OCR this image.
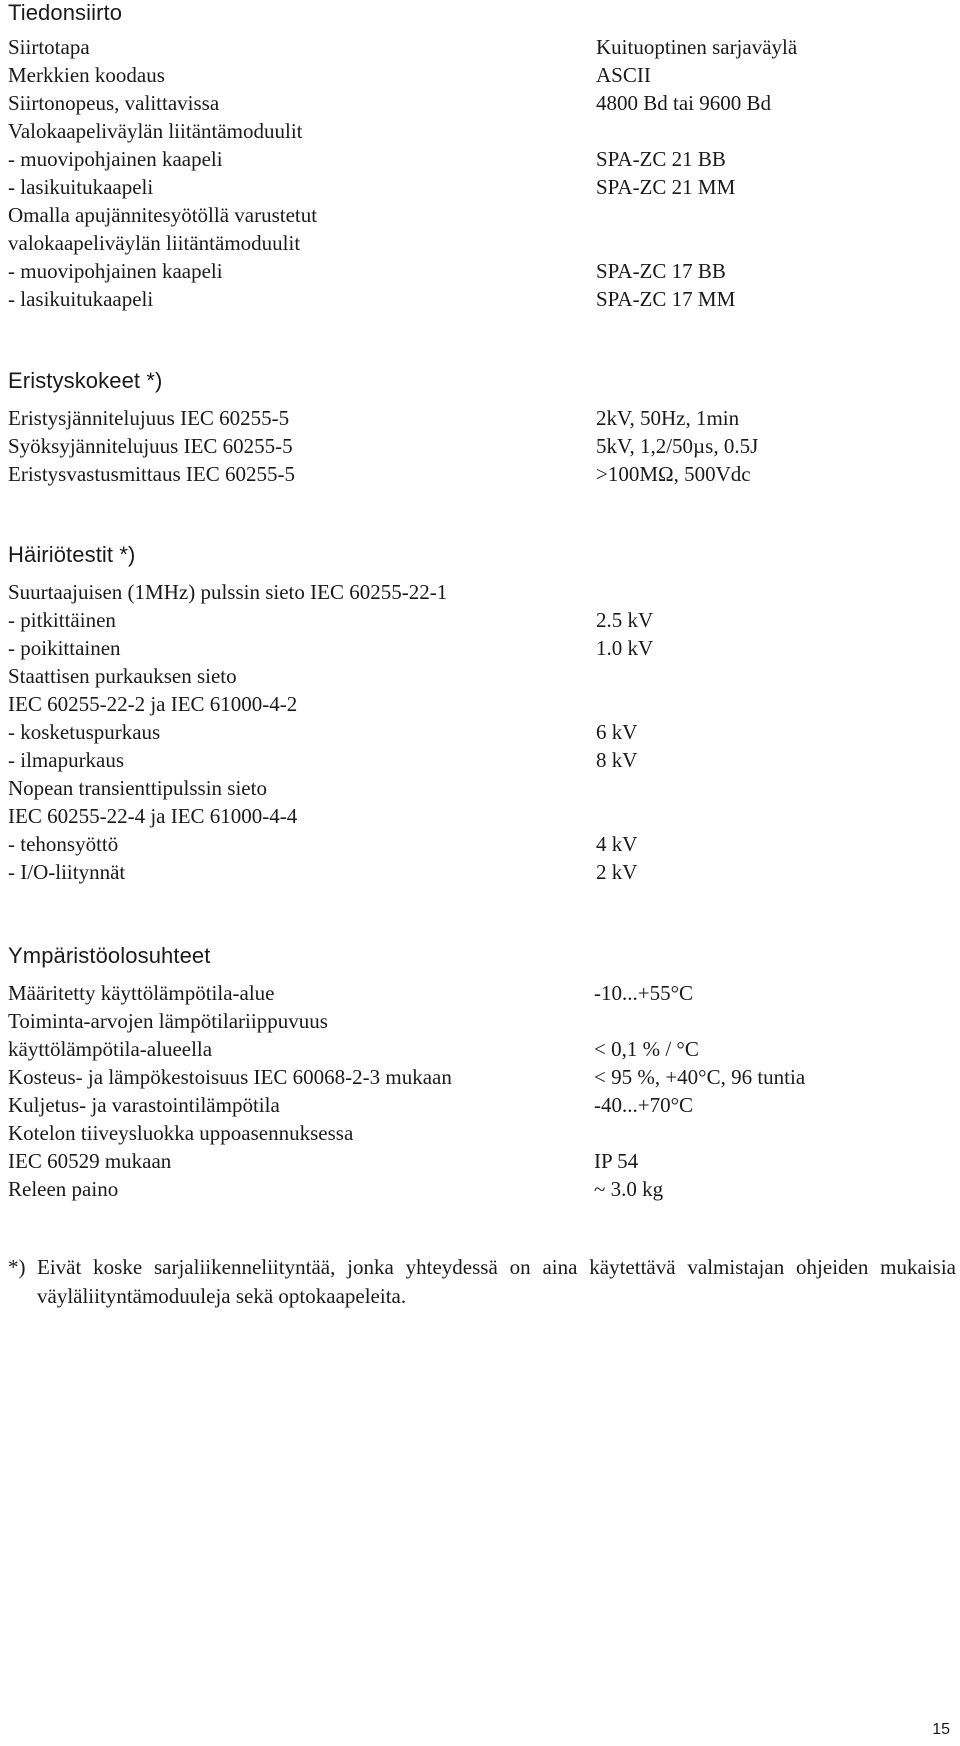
Tiedonsiirto
Siirtotapa	Kuituoptinen sarjaväylä
Merkkien koodaus	ASCII
Siirtonopeus, valittavissa	4800 Bd tai 9600 Bd
Valokaapeliväylän liitäntämoduulit
- muovipohjainen kaapeli	SPA-ZC 21 BB
- lasikuitukaapeli	SPA-ZC 21 MM
Omalla apujännitesyötöllä varustetut
valokaapeliväylän liitäntämoduulit
- muovipohjainen kaapeli	SPA-ZC 17 BB
- lasikuitukaapeli	SPA-ZC 17 MM
Eristyskokeet *)
Eristysjännitelujuus IEC 60255-5	2kV, 50Hz, 1min
Syöksyjännitelujuus IEC 60255-5	5kV, 1,2/50µs, 0.5J
Eristysvastusmittaus IEC 60255-5	>100MΩ, 500Vdc
Häiriötestit *)
Suurtaajuisen (1MHz) pulssin sieto IEC 60255-22-1
- pitkittäinen	2.5 kV
- poikittainen	1.0 kV
Staattisen purkauksen sieto
IEC 60255-22-2 ja IEC 61000-4-2
- kosketuspurkaus	6 kV
- ilmapurkaus	8 kV
Nopean transienttipulssin sieto
IEC 60255-22-4 ja IEC 61000-4-4
- tehonsyöttö	4 kV
- I/O-liitynnät	2 kV
Ympäristöolosuhteet
Määritetty käyttölämpötila-alue	-10...+55°C
Toiminta-arvojen lämpötilariippuvuus
käyttölämpötila-alueella	< 0,1 % / °C
Kosteus- ja lämpökestoisuus IEC 60068-2-3 mukaan	< 95 %, +40°C, 96 tuntia
Kuljetus- ja varastointilämpötila	-40...+70°C
Kotelon tiiveysluokka uppoasennuksessa
IEC 60529 mukaan	IP 54
Releen paino	~ 3.0 kg
*) Eivät koske sarjaliikenneliityntää, jonka yhteydessä on aina käytettävä valmistajan ohjeiden mukaisia väyläliityntämoduuleja sekä optokaapeleita.
15
